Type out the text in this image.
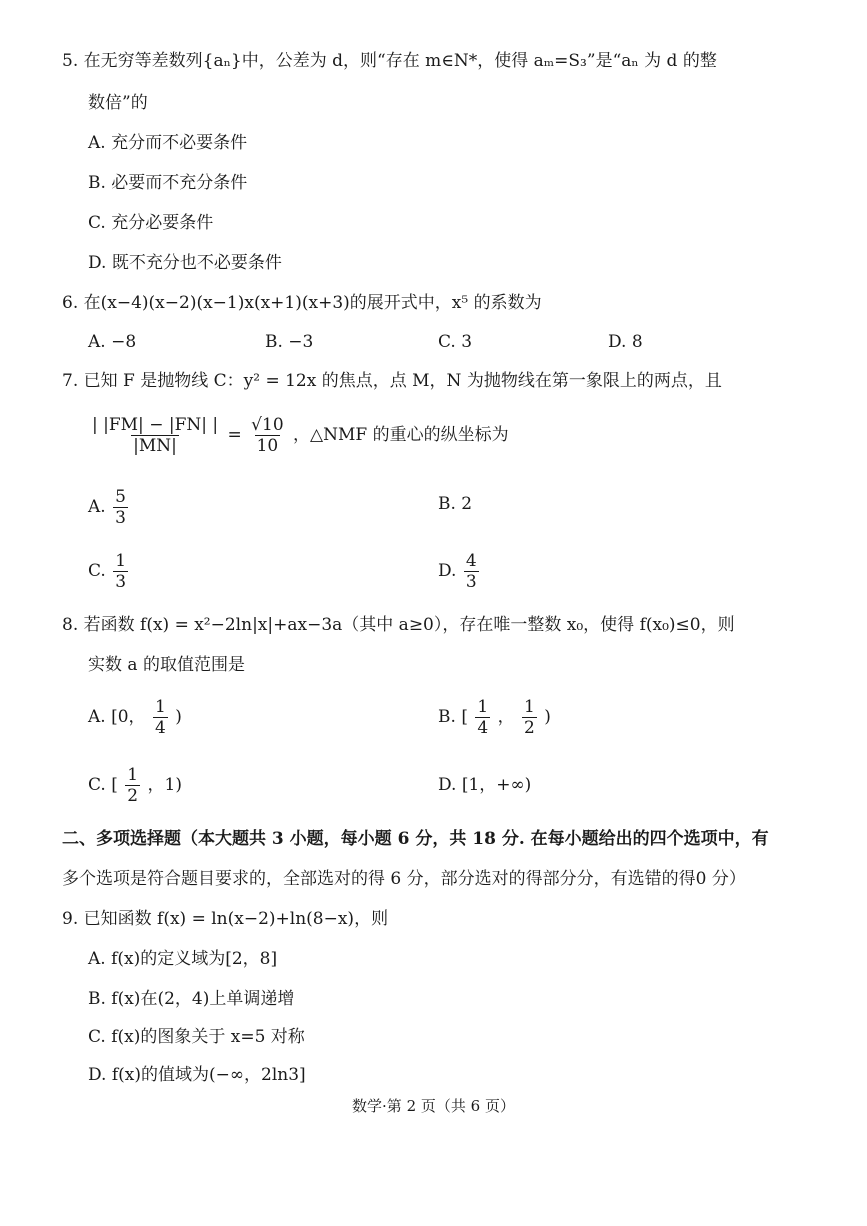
5. 在无穷等差数列{aₙ}中，公差为 d，则“存在 m∈N*，使得 aₘ=S₃”是“aₙ 为 d 的整
数倍”的
A. 充分而不必要条件
B. 必要而不充分条件
C. 充分必要条件
D. 既不充分也不必要条件
6. 在(x−4)(x−2)(x−1)x(x+1)(x+3)的展开式中，x⁵ 的系数为
A. −8	B. −3	C. 3	D. 8
7. 已知 F 是抛物线 C：y² = 12x 的焦点，点 M，N 为抛物线在第一象限上的两点，且
$\frac{| |FM| - |FN| |}{|MN|} = \frac{√10}{10}$ ，△NMF 的重心的纵坐标为
A. $\frac{5}{3}$	B. 2
C. $\frac{1}{3}$	D. $\frac{4}{3}$
8. 若函数 f(x) = x²−2ln|x|+ax−3a（其中 a≥0），存在唯一整数 x₀，使得 f(x₀)≤0，则
实数 a 的取值范围是
A. [0， $\frac{1}{4}$ )	B. [ $\frac{1}{4}$ ， $\frac{1}{2}$ )
C. [ $\frac{1}{2}$ ，1)	D. [1，+∞)
二、多项选择题（本大题共 3 小题，每小题 6 分，共 18 分. 在每小题给出的四个选项中，有
多个选项是符合题目要求的，全部选对的得 6 分，部分选对的得部分分，有选错的得0 分）
9. 已知函数 f(x) = ln(x−2)+ln(8−x)，则
A. f(x)的定义域为[2，8]
B. f(x)在(2，4)上单调递增
C. f(x)的图象关于 x=5 对称
D. f(x)的值域为(−∞，2ln3]
数学·第 2 页（共 6 页）
